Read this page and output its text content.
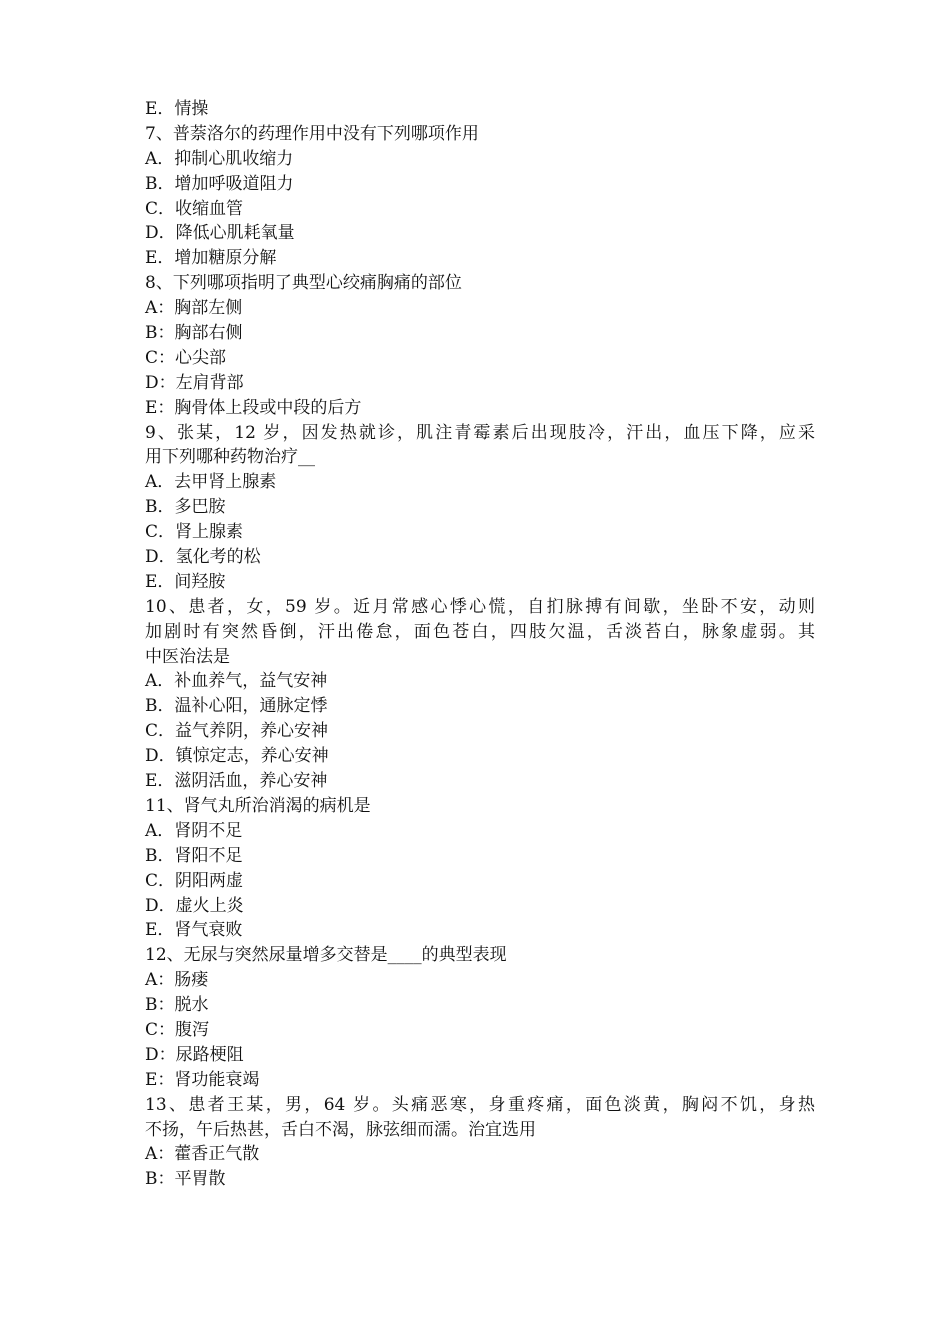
E．情操
7、普萘洛尔的药理作用中没有下列哪项作用
A．抑制心肌收缩力
B．增加呼吸道阻力
C．收缩血管
D．降低心肌耗氧量
E．增加糖原分解
8、下列哪项指明了典型心绞痛胸痛的部位
A：胸部左侧
B：胸部右侧
C：心尖部
D：左肩背部
E：胸骨体上段或中段的后方
9、张某，12 岁，因发热就诊，肌注青霉素后出现肢冷，汗出，血压下降，应采
用下列哪种药物治疗__
A．去甲肾上腺素
B．多巴胺
C．肾上腺素
D．氢化考的松
E．间羟胺
10、患者，女，59 岁。近月常感心悸心慌，自扪脉搏有间歇，坐卧不安，动则
加剧时有突然昏倒，汗出倦怠，面色苍白，四肢欠温，舌淡苔白，脉象虚弱。其
中医治法是
A．补血养气，益气安神
B．温补心阳，通脉定悸
C．益气养阴，养心安神
D．镇惊定志，养心安神
E．滋阴活血，养心安神
11、肾气丸所治消渴的病机是
A．肾阴不足
B．肾阳不足
C．阴阳两虚
D．虚火上炎
E．肾气衰败
12、无尿与突然尿量增多交替是____的典型表现
A：肠瘘
B：脱水
C：腹泻
D：尿路梗阻
E：肾功能衰竭
13、患者王某，男，64 岁。头痛恶寒，身重疼痛，面色淡黄，胸闷不饥，身热
不扬，午后热甚，舌白不渴，脉弦细而濡。治宜选用
A：藿香正气散
B：平胃散
